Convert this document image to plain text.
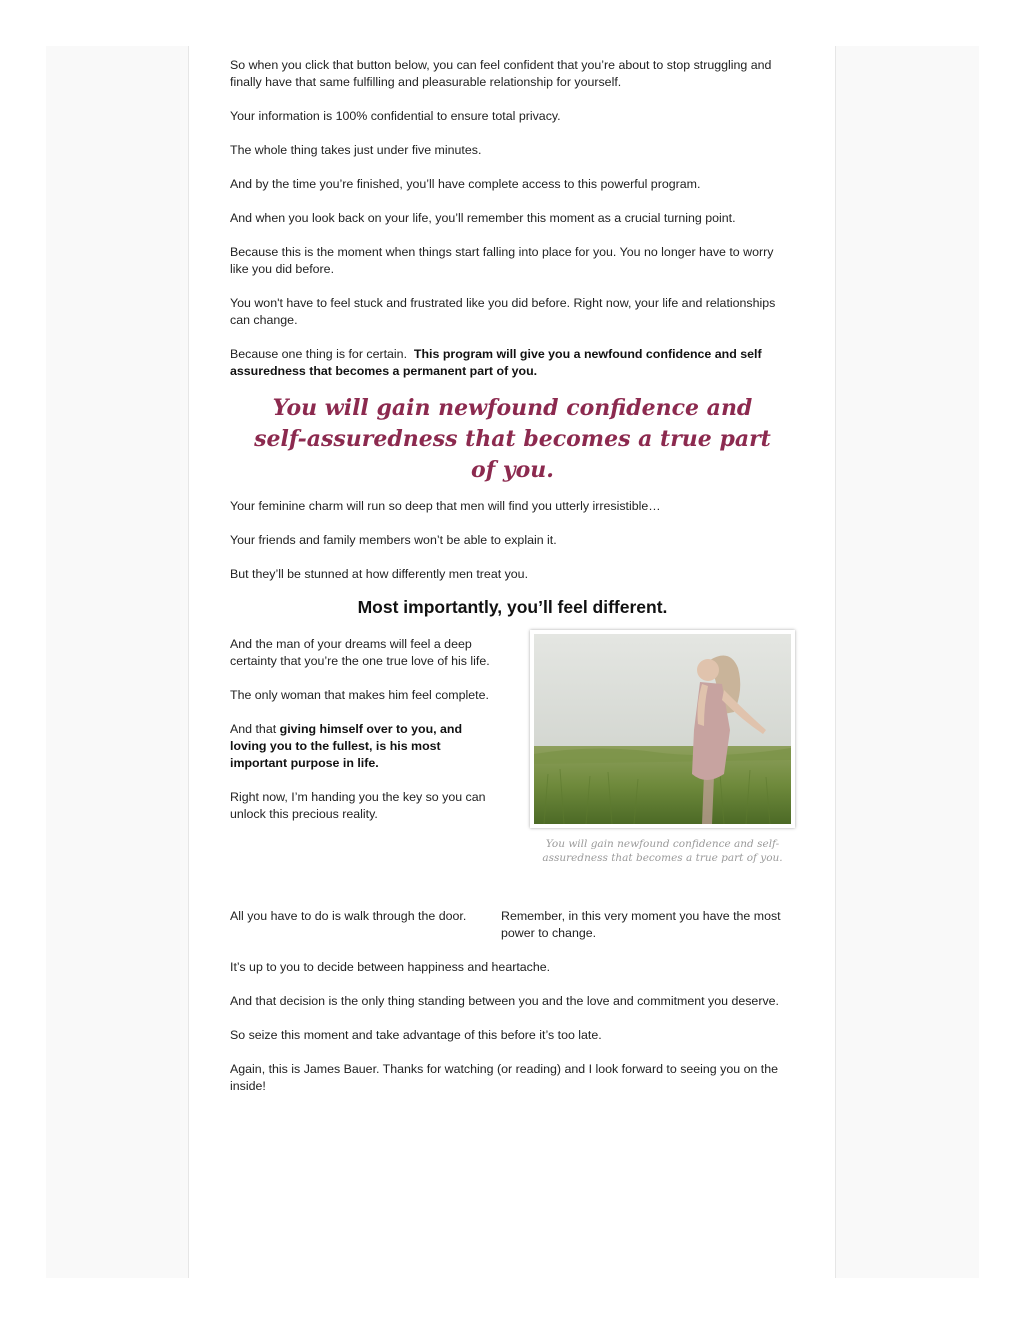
So when you click that button below, you can feel confident that you’re about to stop struggling and finally have that same fulfilling and pleasurable relationship for yourself.

Your information is 100% confidential to ensure total privacy.

The whole thing takes just under five minutes.

And by the time you’re finished, you’ll have complete access to this powerful program.

And when you look back on your life, you’ll remember this moment as a crucial turning point.

Because this is the moment when things start falling into place for you. You no longer have to worry like you did before.

You won't have to feel stuck and frustrated like you did before. Right now, your life and relationships can change.

Because one thing is for certain. This program will give you a newfound confidence and self assuredness that becomes a permanent part of you.

You will gain newfound confidence and self-assuredness that becomes a true part of you.

Your feminine charm will run so deep that men will find you utterly irresistible…

Your friends and family members won’t be able to explain it.

But they’ll be stunned at how differently men treat you.

Most importantly, you’ll feel different.

And the man of your dreams will feel a deep certainty that you’re the one true love of his life.

The only woman that makes him feel complete.

And that giving himself over to you, and loving you to the fullest, is his most important purpose in life.

Right now, I’m handing you the key so you can unlock this precious reality.

You will gain newfound confidence and self-assuredness that becomes a true part of you.
All you have to do is walk through the door.	Remember, in this very moment you have the most power to change.

It’s up to you to decide between happiness and heartache.

And that decision is the only thing standing between you and the love and commitment you deserve.

So seize this moment and take advantage of this before it’s too late.

Again, this is James Bauer. Thanks for watching (or reading) and I look forward to seeing you on the inside!
